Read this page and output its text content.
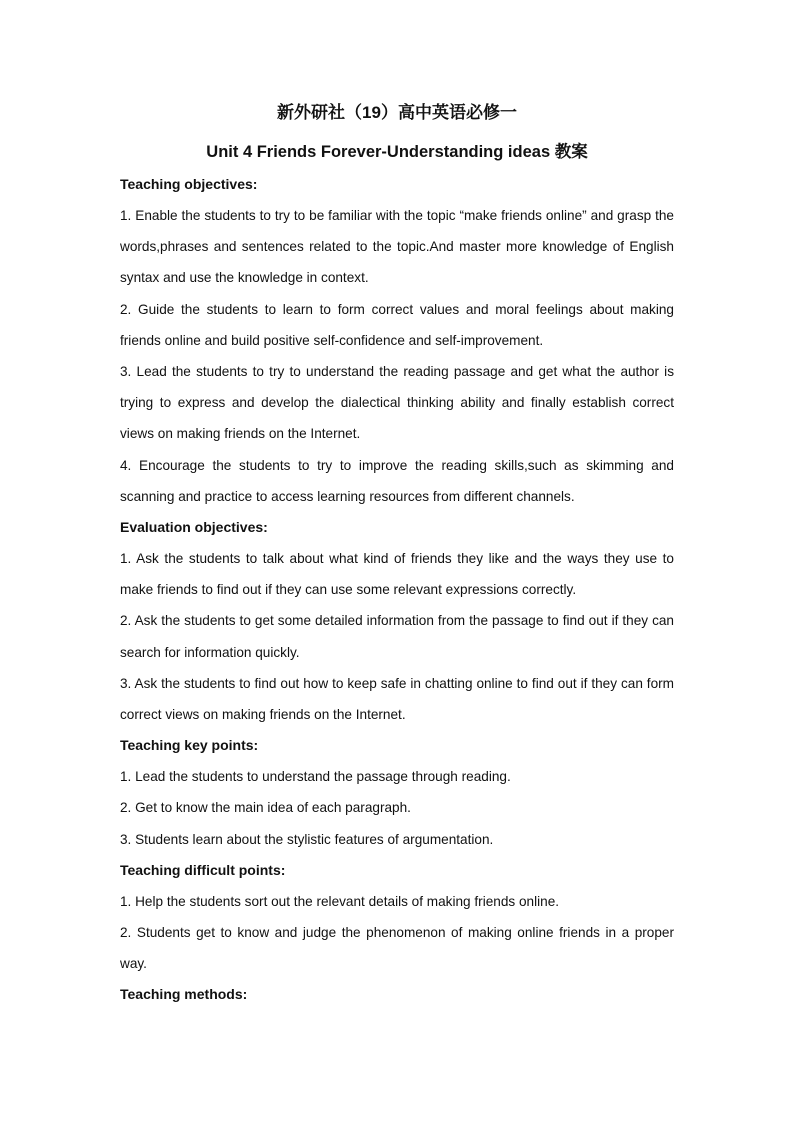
新外研社（19）高中英语必修一
Unit 4 Friends Forever-Understanding ideas 教案
Teaching objectives:

1. Enable the students to try to be familiar with the topic “make friends online” and grasp the words,phrases and sentences related to the topic.And master more knowledge of English syntax and use the knowledge in context.

2. Guide the students to learn to form correct values and moral feelings about making friends online and build positive self-confidence and self-improvement.

3. Lead the students to try to understand the reading passage and get what the author is trying to express and develop the dialectical thinking ability and finally establish correct views on making friends on the Internet.

4. Encourage the students to try to improve the reading skills,such as skimming and scanning and practice to access learning resources from different channels.

Evaluation objectives:

1. Ask the students to talk about what kind of friends they like and the ways they use to make friends to find out if they can use some relevant expressions correctly.

2. Ask the students to get some detailed information from the passage to find out if they can search for information quickly.

3. Ask the students to find out how to keep safe in chatting online to find out if they can form correct views on making friends on the Internet.

Teaching key points:

1. Lead the students to understand the passage through reading.

2. Get to know the main idea of each paragraph.

3. Students learn about the stylistic features of argumentation.

Teaching difficult points:

1. Help the students sort out the relevant details of making friends online.

2. Students get to know and judge the phenomenon of making online friends in a proper way.

Teaching methods:
